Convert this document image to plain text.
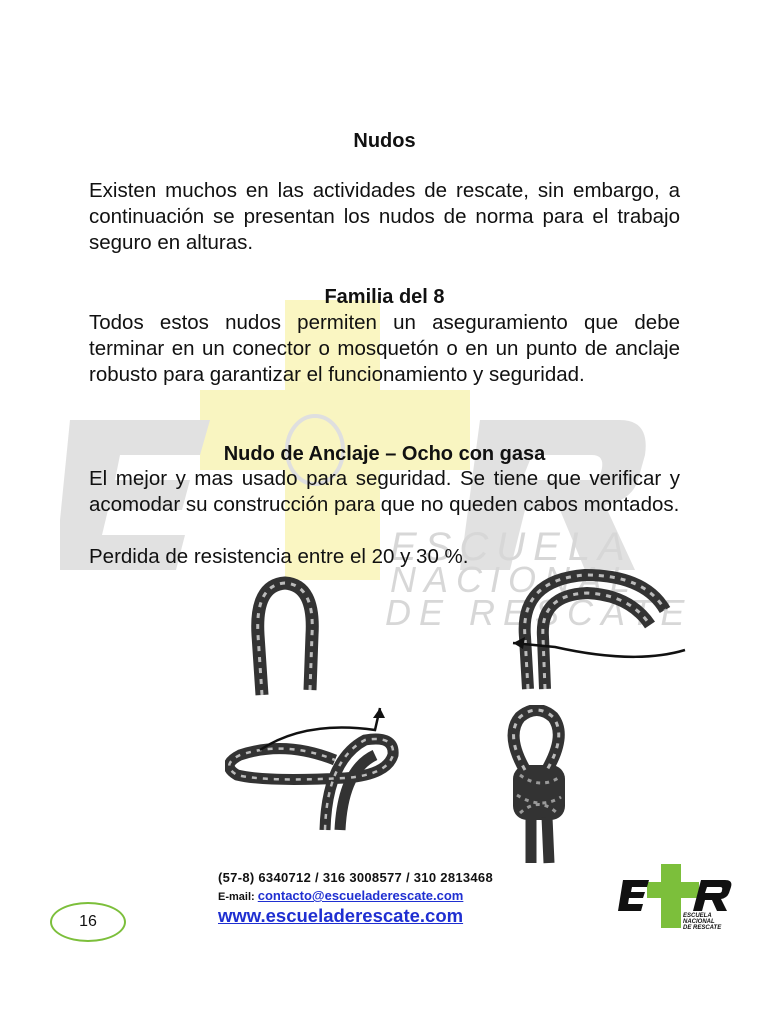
ESCUELA
NACIONAL
DE RESCATE
Nudos
Existen muchos en las actividades de rescate, sin embargo, a continuación se presentan los nudos de norma para el trabajo seguro en alturas.
Familia del 8
Todos estos nudos permiten un aseguramiento que debe terminar en un conector o mosquetón o en un punto de anclaje robusto para garantizar el funcionamiento y seguridad.
Nudo de Anclaje – Ocho con gasa
El mejor y mas usado para seguridad. Se tiene que verificar y acomodar su construcción para que no queden cabos montados.
Perdida de resistencia entre el 20 y 30 %.
(57-8) 6340712 / 316 3008577 / 310 2813468
E-mail: contacto@escueladerescate.com
www.escueladerescate.com
16	ESCUELA
NACIONAL
DE RESCATE
